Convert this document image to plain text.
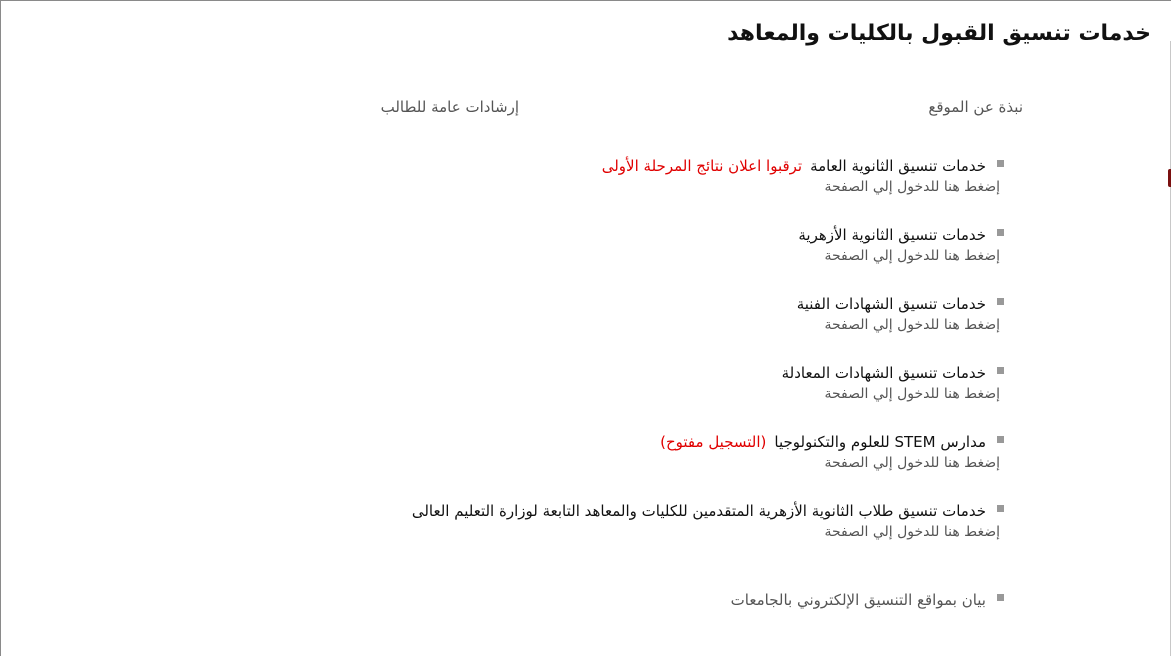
خدمات تنسيق القبول بالكليات والمعاهد
نبذة عن الموقع
إرشادات عامة للطالب
خدمات تنسيق الثانوية العامةترقبوا اعلان نتائج المرحلة الأولى
إضغط هنا للدخول إلي الصفحة
خدمات تنسيق الثانوية الأزهرية
إضغط هنا للدخول إلي الصفحة
خدمات تنسيق الشهادات الفنية
إضغط هنا للدخول إلي الصفحة
خدمات تنسيق الشهادات المعادلة
إضغط هنا للدخول إلي الصفحة
مدارس STEM للعلوم والتكنولوجيا(التسجيل مفتوح)
إضغط هنا للدخول إلي الصفحة
خدمات تنسيق طلاب الثانوية الأزهرية المتقدمين للكليات والمعاهد التابعة لوزارة التعليم العالى
إضغط هنا للدخول إلي الصفحة
بيان بمواقع التنسيق الإلكتروني بالجامعات
